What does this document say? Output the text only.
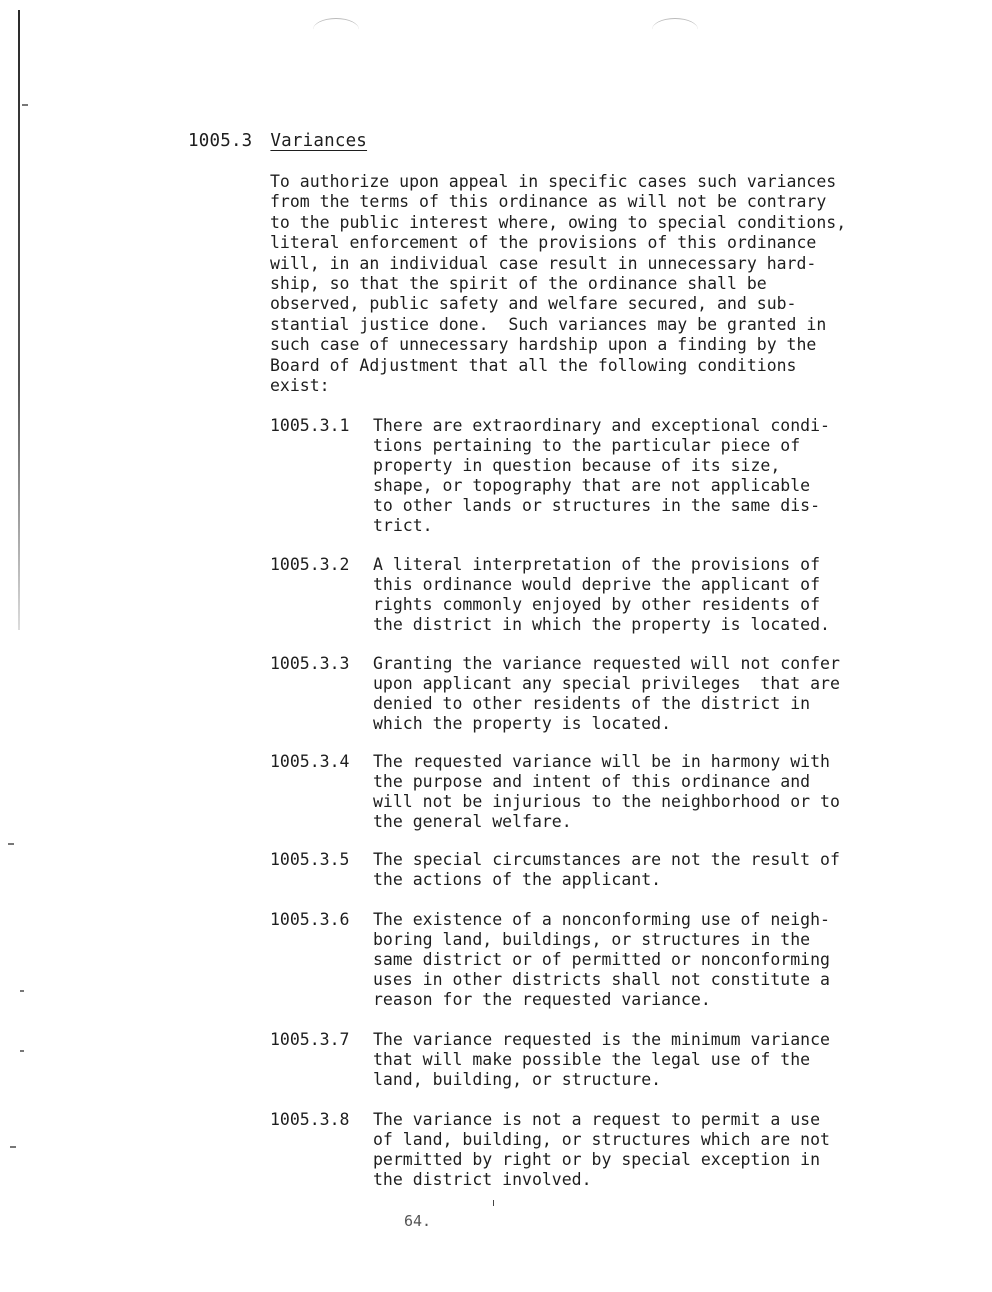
1005.3 Variances
To authorize upon appeal in specific cases such variances
from the terms of this ordinance as will not be contrary
to the public interest where, owing to special conditions,
literal enforcement of the provisions of this ordinance
will, in an individual case result in unnecessary hard-
ship, so that the spirit of the ordinance shall be
observed, public safety and welfare secured, and sub-
stantial justice done.  Such variances may be granted in
such case of unnecessary hardship upon a finding by the
Board of Adjustment that all the following conditions
exist:
1005.3.1	There are extraordinary and exceptional condi-
tions pertaining to the particular piece of
property in question because of its size,
shape, or topography that are not applicable
to other lands or structures in the same dis-
trict.
1005.3.2	A literal interpretation of the provisions of
this ordinance would deprive the applicant of
rights commonly enjoyed by other residents of
the district in which the property is located.
1005.3.3	Granting the variance requested will not confer
upon applicant any special privileges  that are
denied to other residents of the district in
which the property is located.
1005.3.4	The requested variance will be in harmony with
the purpose and intent of this ordinance and
will not be injurious to the neighborhood or to
the general welfare.
1005.3.5	The special circumstances are not the result of
the actions of the applicant.
1005.3.6	The existence of a nonconforming use of neigh-
boring land, buildings, or structures in the
same district or of permitted or nonconforming
uses in other districts shall not constitute a
reason for the requested variance.
1005.3.7	The variance requested is the minimum variance
that will make possible the legal use of the
land, building, or structure.
1005.3.8	The variance is not a request to permit a use
of land, building, or structures which are not
permitted by right or by special exception in
the district involved.
64.
